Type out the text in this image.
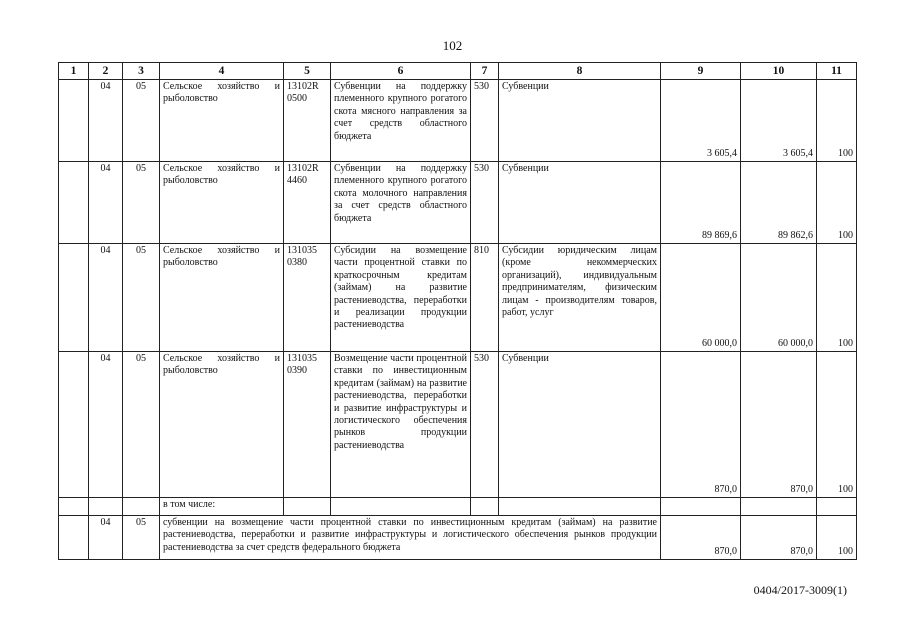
102
1	2	3	4	5	6	7	8	9	10	11
	04	05	Сельское хозяйство и рыболовство	13102R 0500	Субвенции на поддержку племенного крупного рогатого скота мясного направления за счет средств областного бюджета	530	Субвенции	3 605,4	3 605,4	100
	04	05	Сельское хозяйство и рыболовство	13102R 4460	Субвенции на поддержку племенного крупного рогатого скота молочного направления за счет средств областного бюджета	530	Субвенции	89 869,6	89 862,6	100
	04	05	Сельское хозяйство и рыболовство	131035 0380	Субсидии на возмещение части процентной ставки по краткосрочным кредитам (займам) на развитие растениеводства, переработки и реализации продукции растениеводства	810	Субсидии юридическим лицам (кроме некоммерческих организаций), индивидуальным предпринимателям, физическим лицам - производителям товаров, работ, услуг	60 000,0	60 000,0	100
	04	05	Сельское хозяйство и рыболовство	131035 0390	Возмещение части процентной ставки по инвестиционным кредитам (займам) на развитие растениеводства, переработки и развитие инфраструктуры и логистического обеспечения рынков продукции растениеводства	530	Субвенции	870,0	870,0	100
			в том числе:							
	04	05	субвенции на возмещение части процентной ставки по инвестиционным кредитам (займам) на развитие растениеводства, переработки и развитие инфраструктуры и логистического обеспечения рынков продукции растениеводства за счет средств федерального бюджета					870,0	870,0	100
0404/2017-3009(1)
